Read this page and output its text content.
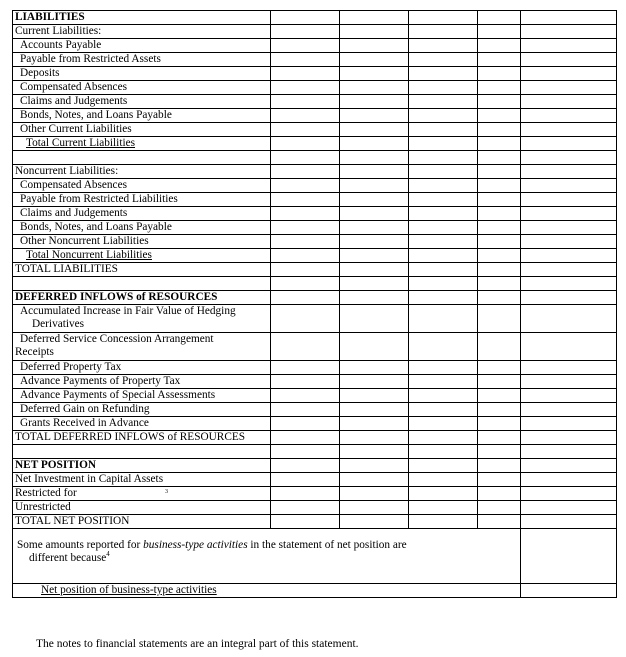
LIABILITIES					
Current Liabilities:					
Accounts Payable					
Payable from Restricted Assets					
Deposits					
Compensated Absences					
Claims and Judgements					
Bonds, Notes, and Loans Payable					
Other Current Liabilities					
Total Current Liabilities					

Noncurrent Liabilities:					
Compensated Absences					
Payable from Restricted Liabilities					
Claims and Judgements					
Bonds, Notes, and Loans Payable					
Other Noncurrent Liabilities					
Total Noncurrent Liabilities					
TOTAL LIABILITIES					

DEFERRED INFLOWS of RESOURCES					

Accumulated Increase in Fair Value of Hedging
Derivatives					

Deferred Service Concession Arrangement
Receipts					

Deferred Property Tax					
Advance Payments of Property Tax					
Advance Payments of Special Assessments					
Deferred Gain on Refunding					
Grants Received in Advance					
TOTAL DEFERRED INFLOWS of RESOURCES					

NET POSITION					
Net Investment in Capital Assets					
Restricted for 3					

Unrestricted					
TOTAL NET POSITION					
Some amounts reported for business-type activities in the statement of net position are
different because$^4$

Net position of business-type activities					
The notes to financial statements are an integral part of this statement.
